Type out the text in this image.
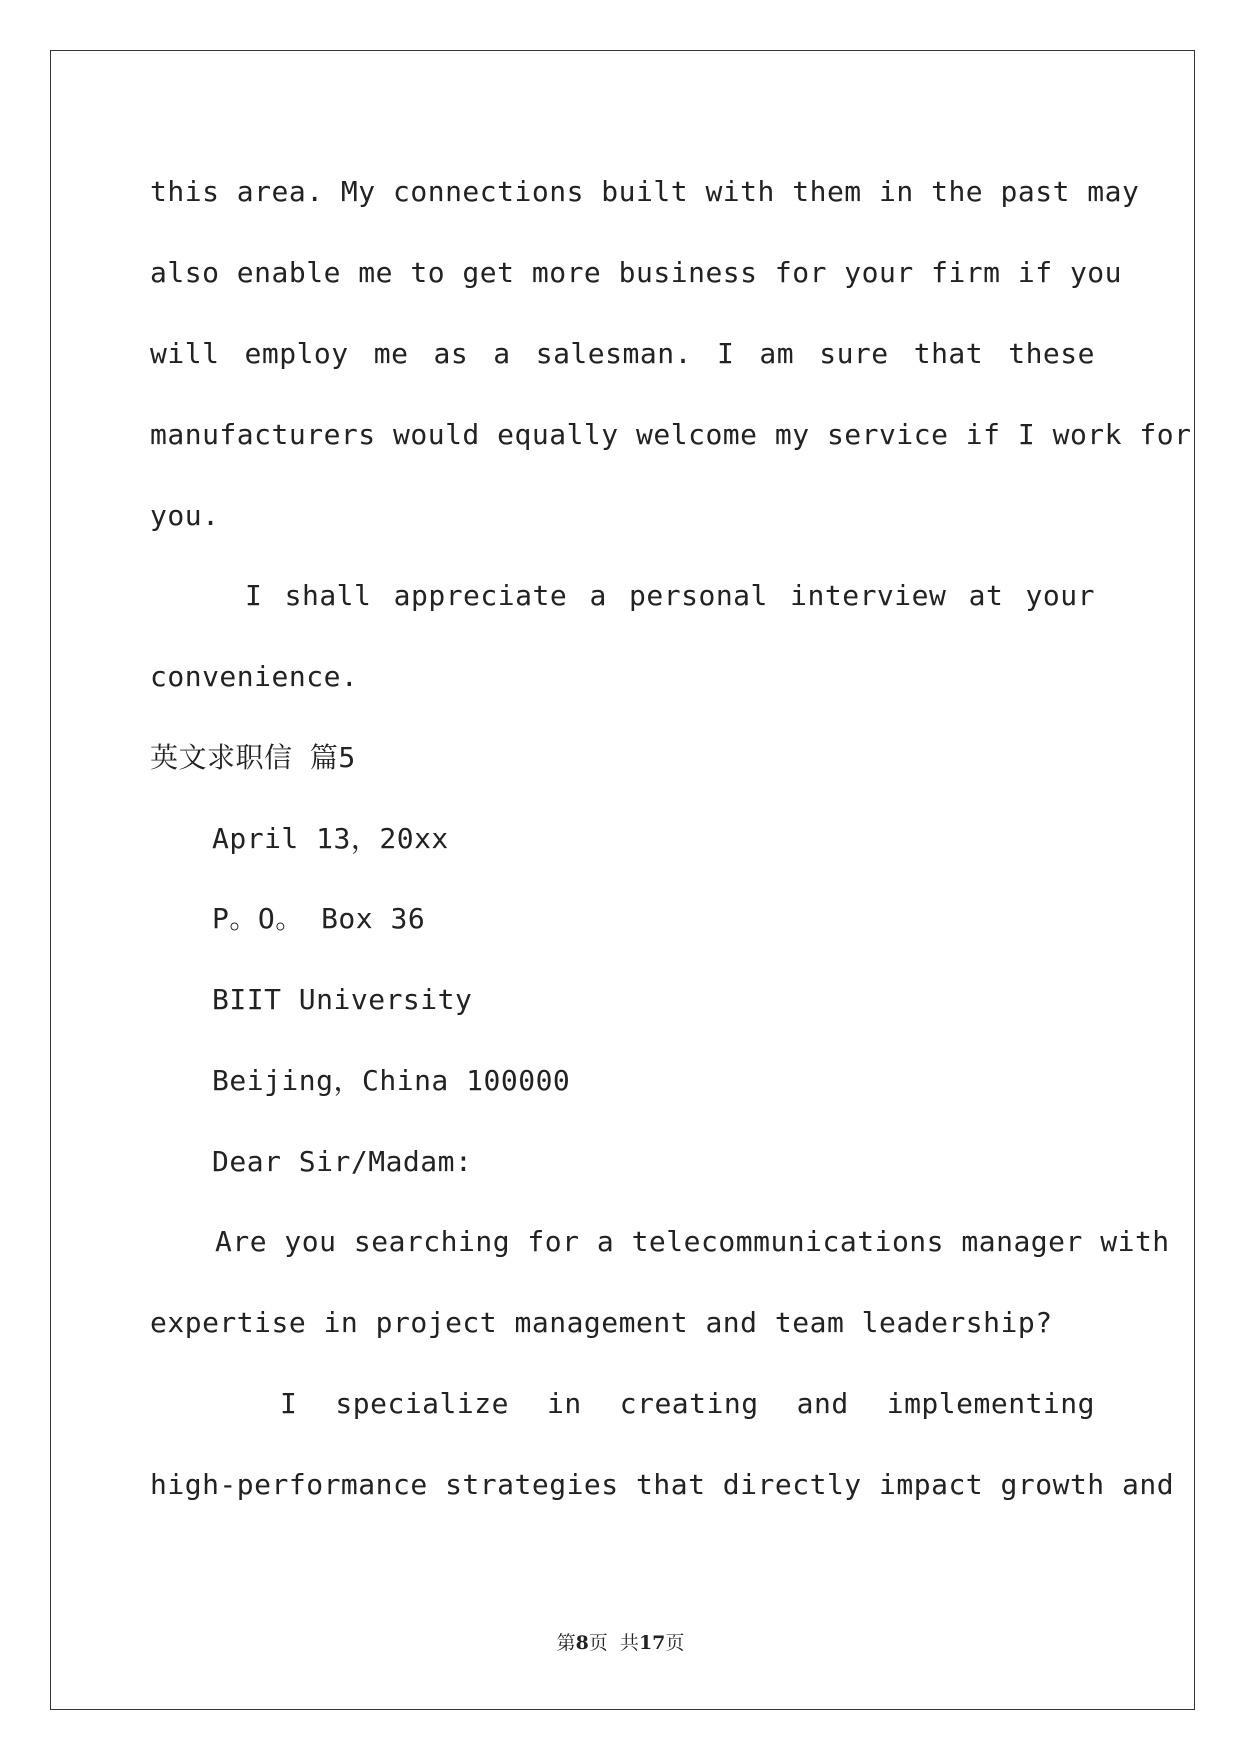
this area. My connections built with them in the past may
also enable me to get more business for your firm if you
will employ me as a salesman. I am sure that these
manufacturers would equally welcome my service if I work for
you.
I shall appreciate a personal interview at your
convenience.
英文求职信 篇5
April 13，20xx
P。O。 Box 36
BIIT University
Beijing，China 100000
Dear Sir/Madam:
Are you searching for a telecommunications manager with
expertise in project management and team leadership?
I specialize in creating and implementing
high-performance strategies that directly impact growth and
第8页  共17页
